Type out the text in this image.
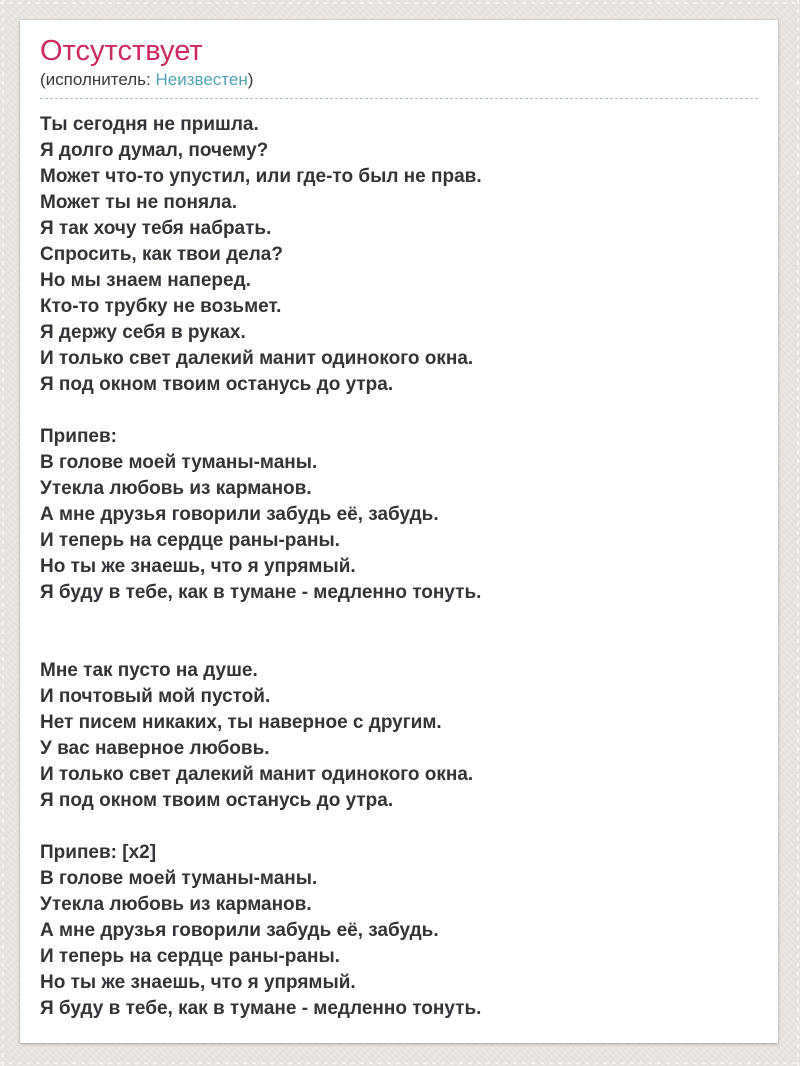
Отсутствует

(исполнитель: Неизвестен)

Ты сегодня не пришла.
Я долго думал, почему?
Может что-то упустил, или где-то был не прав.
Может ты не поняла.
Я так хочу тебя набрать.
Спросить, как твои дела?
Но мы знаем наперед.
Кто-то трубку не возьмет.
Я держу себя в руках.
И только свет далекий манит одинокого окна.
Я под окном твоим останусь до утра.
Припев:
В голове моей туманы-маны.
Утекла любовь из карманов.
А мне друзья говорили забудь её, забудь.
И теперь на сердце раны-раны.
Но ты же знаешь, что я упрямый.
Я буду в тебе, как в тумане - медленно тонуть.
Мне так пусто на душе.
И почтовый мой пустой.
Нет писем никаких, ты наверное с другим.
У вас наверное любовь.
И только свет далекий манит одинокого окна.
Я под окном твоим останусь до утра.
Припев: [x2]
В голове моей туманы-маны.
Утекла любовь из карманов.
А мне друзья говорили забудь её, забудь.
И теперь на сердце раны-раны.
Но ты же знаешь, что я упрямый.
Я буду в тебе, как в тумане - медленно тонуть.
